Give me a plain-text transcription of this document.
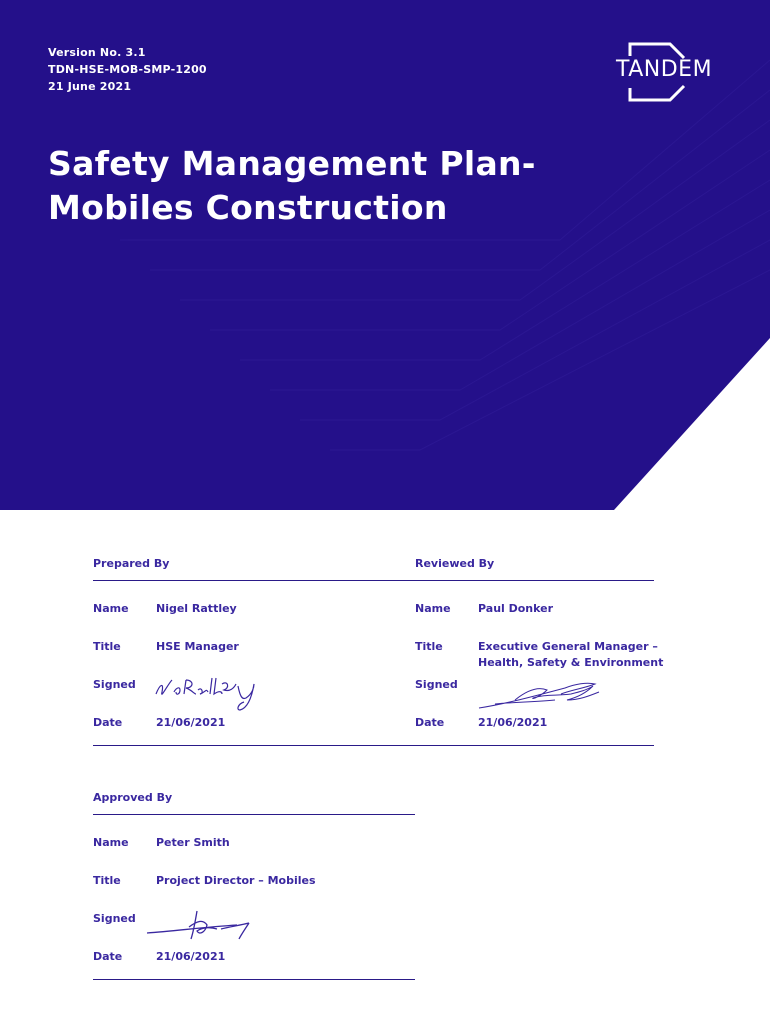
Version No. 3.1
TDN-HSE-MOB-SMP-1200
21 June 2021
TANDEM
Safety Management Plan-
Mobiles Construction
Prepared By
Name Nigel Rattley
Title	HSE Manager
Signed
Date	21/06/2021
Reviewed By
Name Paul Donker
Title	Executive General Manager –
Health, Safety & Environment
Signed
Date	21/06/2021
Approved By
Name Peter Smith
Title	Project Director – Mobiles
Signed
Date	21/06/2021
